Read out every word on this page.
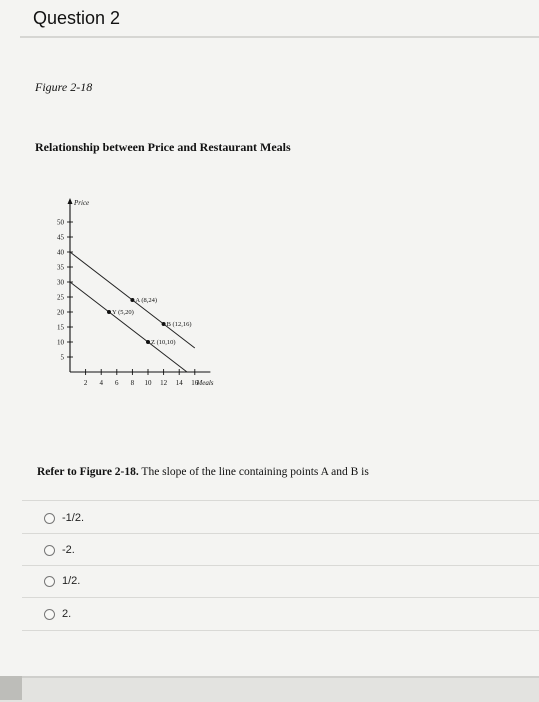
Question 2
Figure 2-18
Relationship between Price and Restaurant Meals
5
10
15
20
25
30
35
40
45
50
2 4 6 8 10 12 14 16
Price
Meals
A (8,24)
Y (5,20)
B (12,16)
Z (10,10)
Refer to Figure 2-18. The slope of the line containing points A and B is
-1/2.
-2.
1/2.
2.
